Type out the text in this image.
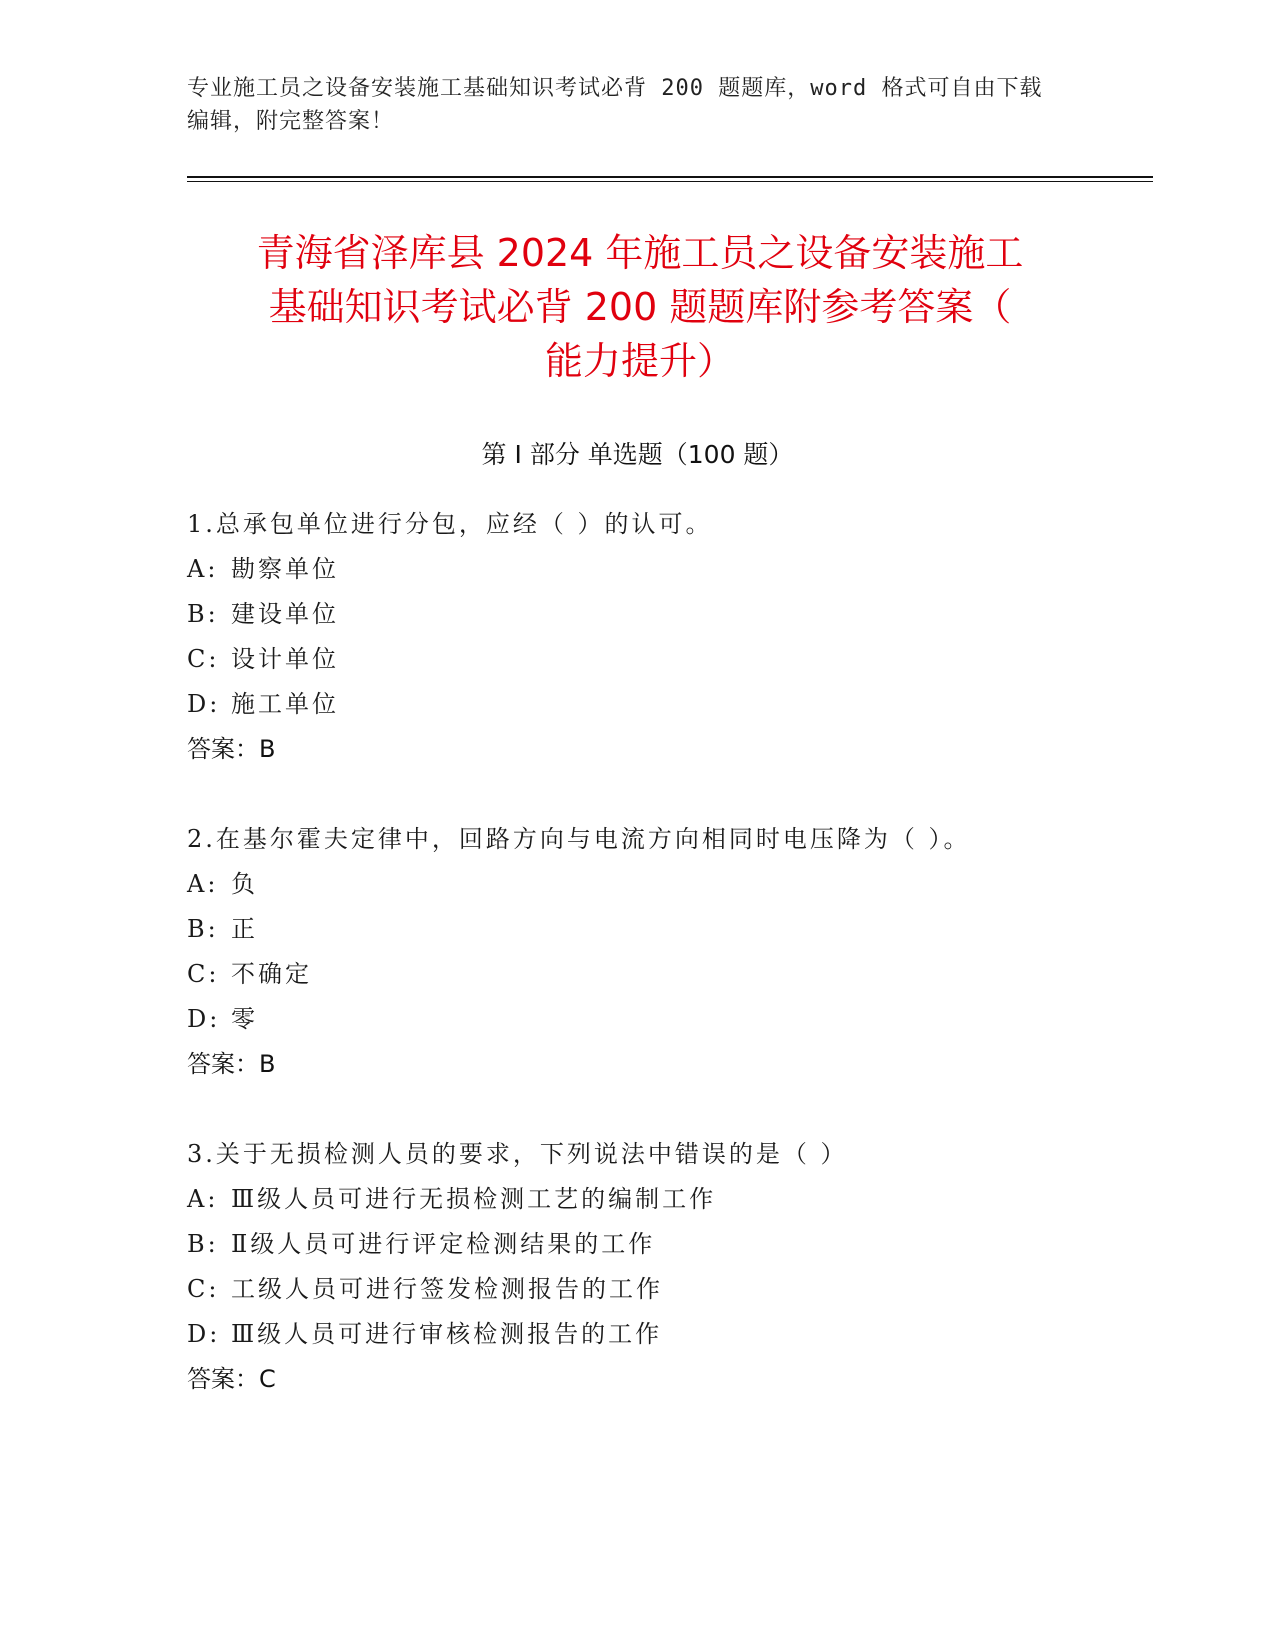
专业施工员之设备安装施工基础知识考试必背 200 题题库，word 格式可自由下载
编辑，附完整答案！
青海省泽库县 2024 年施工员之设备安装施工
基础知识考试必背 200 题题库附参考答案（
能力提升）
第 I 部分 单选题（100 题）
1.总承包单位进行分包，应经（ ）的认可。
A: 勘察单位
B: 建设单位
C: 设计单位
D: 施工单位
答案：B
2.在基尔霍夫定律中，回路方向与电流方向相同时电压降为（ ）。
A: 负
B: 正
C: 不确定
D: 零
答案：B
3.关于无损检测人员的要求，下列说法中错误的是（ ）
A: Ⅲ级人员可进行无损检测工艺的编制工作
B: Ⅱ级人员可进行评定检测结果的工作
C: 工级人员可进行签发检测报告的工作
D: Ⅲ级人员可进行审核检测报告的工作
答案：C
